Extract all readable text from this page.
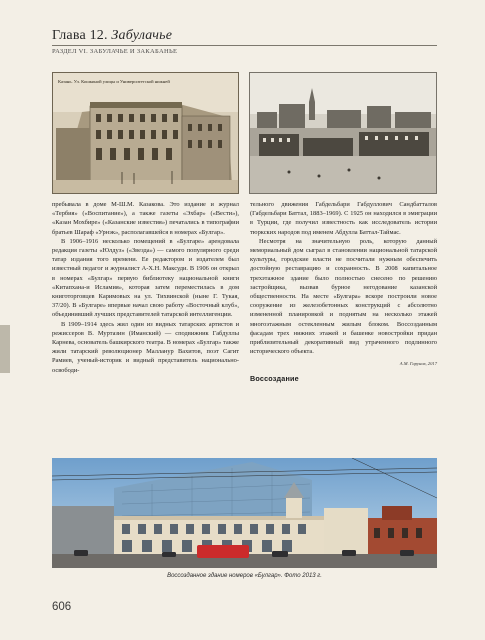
Глава 12. Забулачье
РАЗДЕЛ VI. ЗАБУЛАЧЬЕ И ЗАКАБАНЬЕ
Казань. Ул. Кошкиной улицы и Университетской нижней

пребывала в доме М-Ш.М. Казакова. Это издание и журнал «Тербия» («Воспитание»), а также газеты «Эхбар» («Вести»), «Казан Мохбире» («Казанские известия») печатались в типографии братьев Шараф «Урнэк», располагавшейся в номерах «Булгар».

В 1906–1916 несколько помещений в «Булгаре» арендовала редакция газеты «Юлдуз» («Звезда») — самого популярного среди татар издания того времени. Ее редактором и издателем был известный педагог и журналист А-Х.Н. Максуди. В 1906 он открыл в номерах «Булгар» первую библиотеку национальной книги «Китапхана-и Исламия», которая затем переместилась в дом книготорговцев Каримовых на ул. Тихвинской (ныне Г. Тукая, 37/20). В «Булгаре» впервые начал свою работу «Восточный клуб», объединивший лучших представителей татарской интеллигенции.

В 1909–1914 здесь жил один из видных татарских артистов и режиссеров В. Муртазин (Иманский) — сподвижник Габдуллы Карнева, основатель башкирского театра. В номерах «Булгар» также жили татарский революционер Маллануp Вахитов, поэт Сагит Рамиев, ученый-историк и видный представитель национально-освободи-

тельного движения Габдельбари Габдуллович Сандбатталов (Габдельбари Баттал, 1883–1969). С 1925 он находился в эмиграции в Турции, где получил известность как исследователь истории тюркских народов под именем Абдулла Баттал-Таймас.

Несмотря на значительную роль, которую данный мемориальный дом сыграл в становлении национальной татарской культуры, городские власти не посчитали нужным обеспечить достойную реставрацию и сохранность. В 2008 капитальное трехэтажное здание было полностью снесено по решению застройщика, вызвав бурное негодование казанской общественности. На месте «Булгара» вскоре построили новое сооружение из железобетонных конструкций с абсолютно измененной планировкой и поднятым на несколько этажей многоэтажным остекленным жилым блоком. Воссозданным фасадам трех нижних этажей и башенке новостройки придан приблизительный декоративный вид утраченного подлинного исторического объекта.

А.М. Гарунов, 2017
Воссоздание
Воссозданное здание номеров «Булгар». Фото 2013 г.
606
